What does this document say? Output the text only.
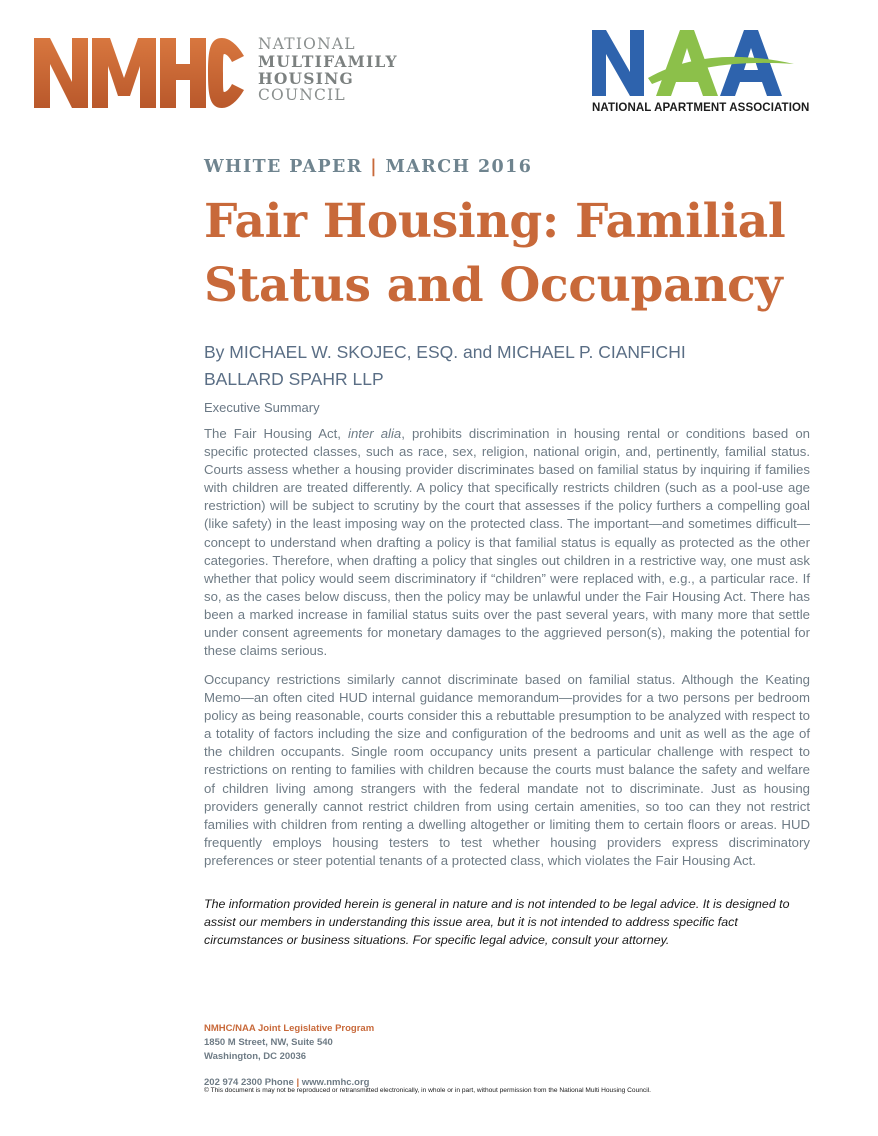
NATIONAL
MULTIFAMILY
HOUSING
COUNCIL
NATIONAL APARTMENT ASSOCIATION
WHITE PAPER | MARCH 2016
Fair Housing: Familial
Status and Occupancy
By MICHAEL W. SKOJEC, ESQ. and MICHAEL P. CIANFICHI
BALLARD SPAHR LLP
Executive Summary
The Fair Housing Act, inter alia, prohibits discrimination in housing rental or conditions based on specific protected classes, such as race, sex, religion, national origin, and, pertinently, familial status. Courts assess whether a housing provider discriminates based on familial status by inquiring if families with children are treated differently. A policy that specifically restricts children (such as a pool-use age restriction) will be subject to scrutiny by the court that assesses if the policy furthers a compelling goal (like safety) in the least imposing way on the protected class. The important—and sometimes difficult—concept to understand when drafting a policy is that familial status is equally as protected as the other categories. Therefore, when drafting a policy that singles out children in a restrictive way, one must ask whether that policy would seem discriminatory if “children” were replaced with, e.g., a particular race. If so, as the cases below discuss, then the policy may be unlawful under the Fair Housing Act. There has been a marked increase in familial status suits over the past several years, with many more that settle under consent agreements for monetary damages to the aggrieved person(s), making the potential for these claims serious.
Occupancy restrictions similarly cannot discriminate based on familial status. Although the Keating Memo—an often cited HUD internal guidance memorandum—provides for a two persons per bedroom policy as being reasonable, courts consider this a rebuttable presumption to be analyzed with respect to a totality of factors including the size and configuration of the bedrooms and unit as well as the age of the children occupants. Single room occupancy units present a particular challenge with respect to restrictions on renting to families with children because the courts must balance the safety and welfare of children living among strangers with the federal mandate not to discriminate. Just as housing providers generally cannot restrict children from using certain amenities, so too can they not restrict families with children from renting a dwelling altogether or limiting them to certain floors or areas. HUD frequently employs housing testers to test whether housing providers express discriminatory preferences or steer potential tenants of a protected class, which violates the Fair Housing Act.
The information provided herein is general in nature and is not intended to be legal advice. It is designed to assist our members in understanding this issue area, but it is not intended to address specific fact circumstances or business situations. For specific legal advice, consult your attorney.
NMHC/NAA Joint Legislative Program
1850 M Street, NW, Suite 540
Washington, DC 20036
202 974 2300 Phone | www.nmhc.org
© This document is may not be reproduced or retransmitted electronically, in whole or in part, without permission from the National Multi Housing Council.
